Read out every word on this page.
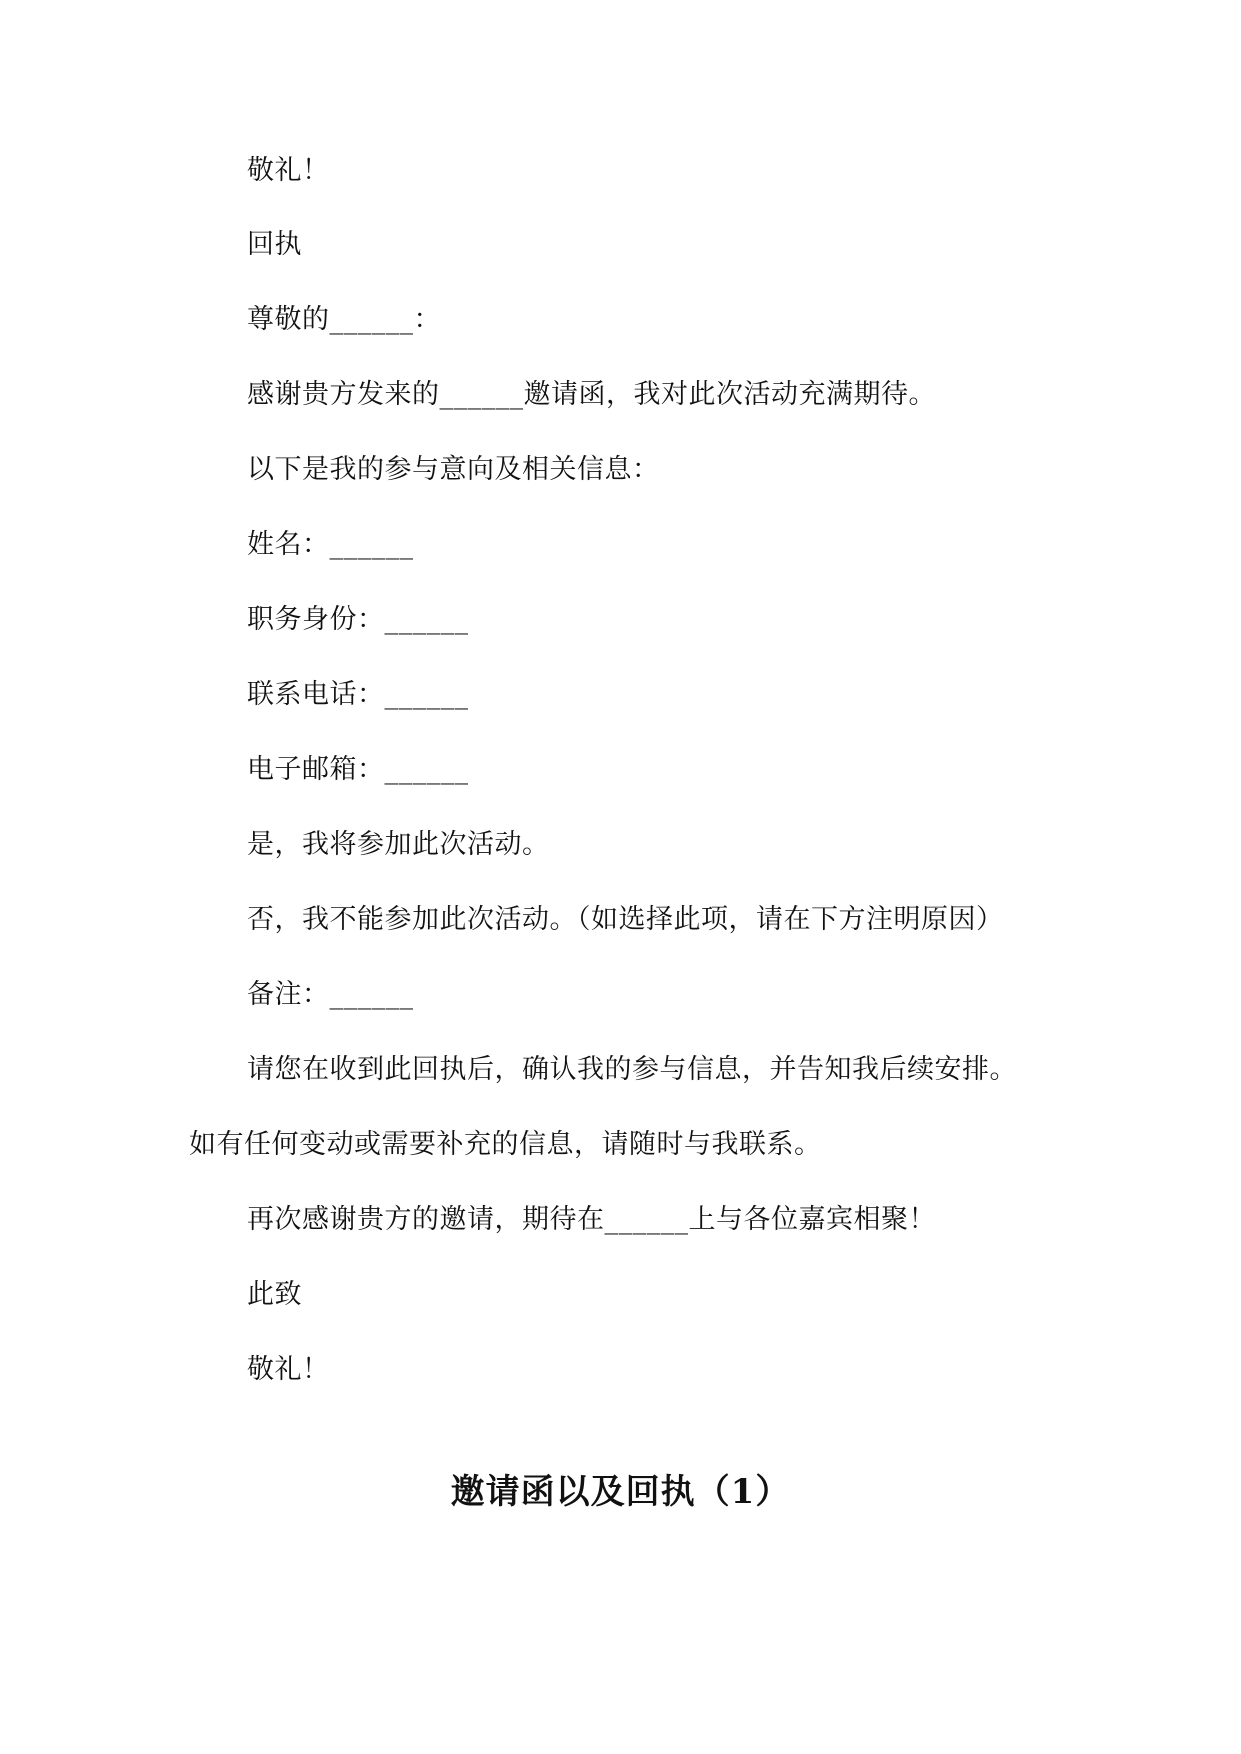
敬礼！

回执

尊敬的______：

感谢贵方发来的______邀请函，我对此次活动充满期待。

以下是我的参与意向及相关信息：

姓名：______

职务身份：______

联系电话：______

电子邮箱：______

是，我将参加此次活动。

否，我不能参加此次活动。（如选择此项，请在下方注明原因）

备注：______

请您在收到此回执后，确认我的参与信息，并告知我后续安排。

如有任何变动或需要补充的信息，请随时与我联系。

再次感谢贵方的邀请，期待在______上与各位嘉宾相聚！

此致

敬礼！

邀请函以及回执（1）
